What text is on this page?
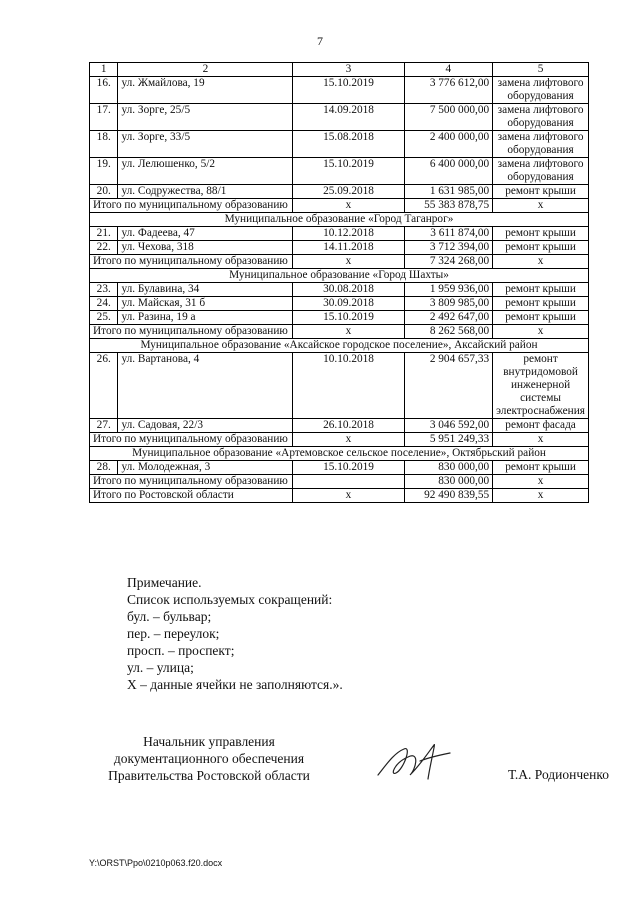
7
1	2	3	4	5
16.	ул. Жмайлова, 19	15.10.2019	3 776 612,00	замена лифтового оборудования
17.	ул. Зорге, 25/5	14.09.2018	7 500 000,00	замена лифтового оборудования
18.	ул. Зорге, 33/5	15.08.2018	2 400 000,00	замена лифтового оборудования
19.	ул. Лелюшенко, 5/2	15.10.2019	6 400 000,00	замена лифтового оборудования
20.	ул. Содружества, 88/1	25.09.2018	1 631 985,00	ремонт крыши
Итого по муниципальному образованию		x	55 383 878,75	x
Муниципальное образование «Город Таганрог»				
21.	ул. Фадеева, 47	10.12.2018	3 611 874,00	ремонт крыши
22.	ул. Чехова, 318	14.11.2018	3 712 394,00	ремонт крыши
Итого по муниципальному образованию		x	7 324 268,00	x
Муниципальное образование «Город Шахты»				
23.	ул. Булавина, 34	30.08.2018	1 959 936,00	ремонт крыши
24.	ул. Майская, 31 б	30.09.2018	3 809 985,00	ремонт крыши
25.	ул. Разина, 19 а	15.10.2019	2 492 647,00	ремонт крыши
Итого по муниципальному образованию		x	8 262 568,00	x
Муниципальное образование «Аксайское городское поселение», Аксайский район				
26.	ул. Вартанова, 4	10.10.2018	2 904 657,33	ремонт внутридомовой инженерной системы электроснабжения
27.	ул. Садовая, 22/3	26.10.2018	3 046 592,00	ремонт фасада
Итого по муниципальному образованию		x	5 951 249,33	x
Муниципальное образование «Артемовское сельское поселение», Октябрьский район				
28.	ул. Молодежная, 3	15.10.2019	830 000,00	ремонт крыши
Итого по муниципальному образованию			830 000,00	x
Итого по Ростовской области		x	92 490 839,55	x
Примечание.
Список используемых сокращений:
бул. – бульвар;
пер. – переулок;
просп. – проспект;
ул. – улица;
Х – данные ячейки не заполняются.».
Начальник управления
документационного обеспечения
Правительства Ростовской области	Т.А. Родионченко
Y:\ORST\Ppo\0210p063.f20.docx
